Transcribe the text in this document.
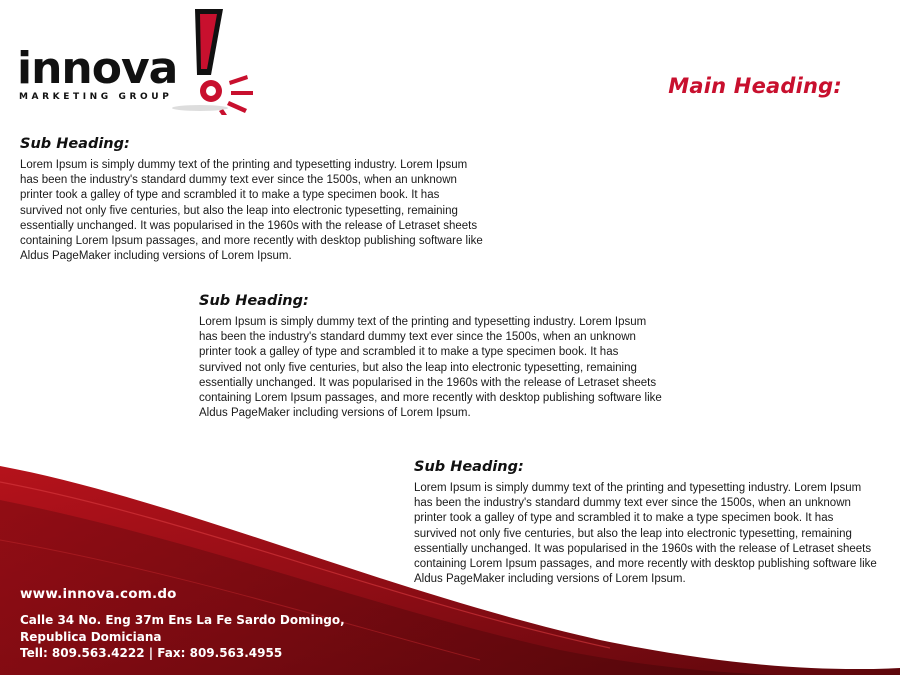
innova
MARKETING GROUP	Main Heading:
Sub Heading:

Lorem Ipsum is simply dummy text of the printing and typesetting industry. Lorem Ipsum has been the industry's standard dummy text ever since the 1500s, when an unknown printer took a galley of type and scrambled it to make a type specimen book. It has survived not only five centuries, but also the leap into electronic typesetting, remaining essentially unchanged. It was popularised in the 1960s with the release of Letraset sheets containing Lorem Ipsum passages, and more recently with desktop publishing software like Aldus PageMaker including versions of Lorem Ipsum.

Sub Heading:

Lorem Ipsum is simply dummy text of the printing and typesetting industry. Lorem Ipsum has been the industry's standard dummy text ever since the 1500s, when an unknown printer took a galley of type and scrambled it to make a type specimen book. It has survived not only five centuries, but also the leap into electronic typesetting, remaining essentially unchanged. It was popularised in the 1960s with the release of Letraset sheets containing Lorem Ipsum passages, and more recently with desktop publishing software like Aldus PageMaker including versions of Lorem Ipsum.

Sub Heading:

Lorem Ipsum is simply dummy text of the printing and typesetting industry. Lorem Ipsum has been the industry's standard dummy text ever since the 1500s, when an unknown printer took a galley of type and scrambled it to make a type specimen book. It has survived not only five centuries, but also the leap into electronic typesetting, remaining essentially unchanged. It was popularised in the 1960s with the release of Letraset sheets containing Lorem Ipsum passages, and more recently with desktop publishing software like Aldus PageMaker including versions of Lorem Ipsum.

www.innova.com.do
Calle 34 No. Eng 37m Ens La Fe Sardo Domingo,
Republica Domiciana
Tell: 809.563.4222 | Fax: 809.563.4955
